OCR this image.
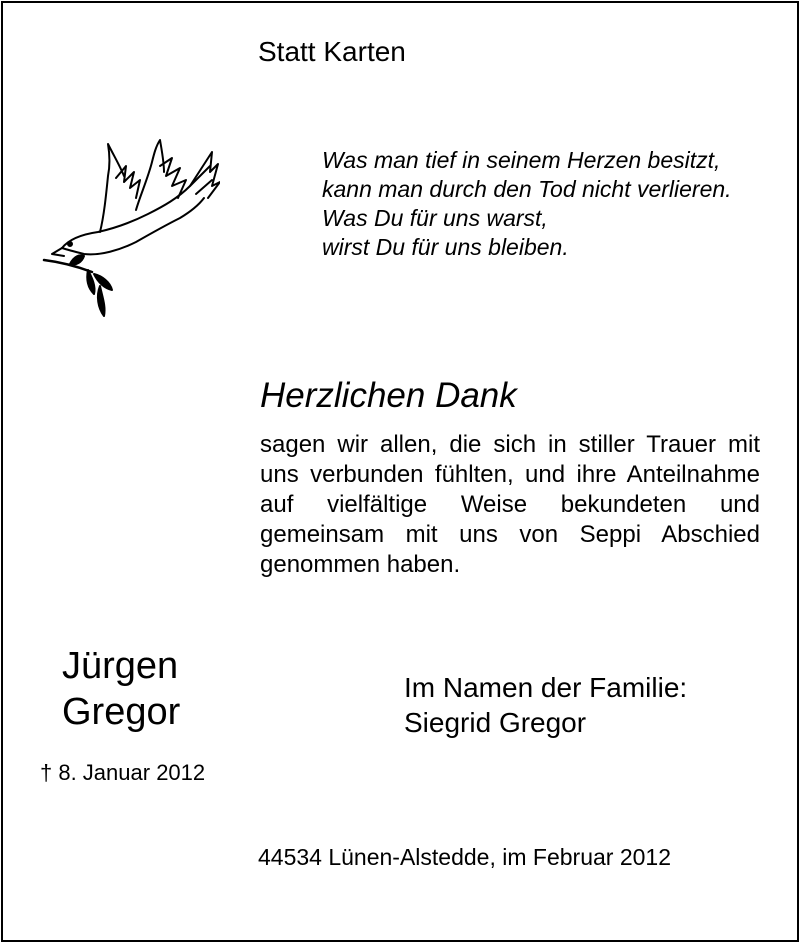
Statt Karten
Was man tief in seinem Herzen besitzt,
kann man durch den Tod nicht verlieren.
Was Du für uns warst,
wirst Du für uns bleiben.
Herzlichen Dank
sagen wir allen, die sich in stiller Trauer mit uns verbunden fühlten, und ihre Anteilnahme auf vielfältige Weise bekundeten und gemeinsam mit uns von Seppi Abschied genommen haben.
Jürgen
Gregor
† 8. Januar 2012
Im Namen der Familie:
Siegrid Gregor
44534 Lünen-Alstedde, im Februar 2012
